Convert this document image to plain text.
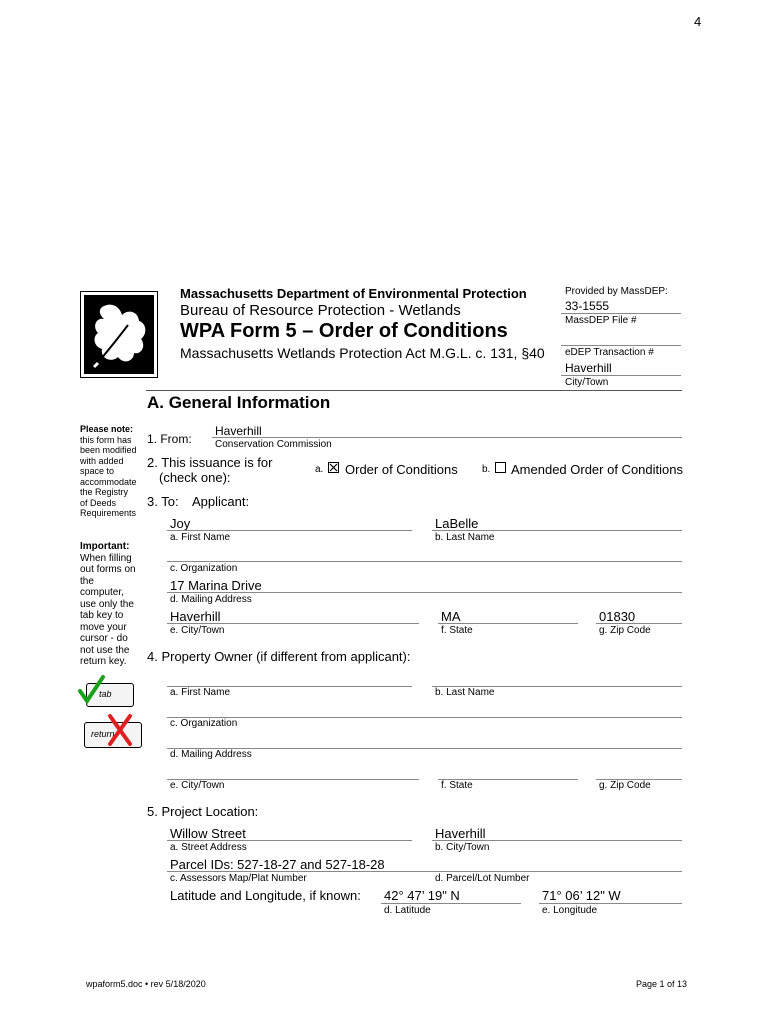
4
Massachusetts Department of Environmental Protection
Bureau of Resource Protection - Wetlands
WPA Form 5 – Order of Conditions
Massachusetts Wetlands Protection Act M.G.L. c. 131, §40
Provided by MassDEP:
33-1555
MassDEP File #
eDEP Transaction #
Haverhill
City/Town
A. General Information
Please note:
this form has
been modified
with added
space to
accommodate
the Registry
of Deeds
Requirements
Important:
When filling
out forms on
the
computer,
use only the
tab key to
move your
cursor - do
not use the
return key.
tab
return
1. From:
Haverhill
Conservation Commission
2. This issuance is for
(check one):
a. Order of Conditions b. Amended Order of Conditions
3. To: Applicant:
Joy
a. First Name
LaBelle
b. Last Name
c. Organization
17 Marina Drive
d. Mailing Address
Haverhill
e. City/Town
MA
f. State
01830
g. Zip Code
4. Property Owner (if different from applicant):
a. First Name	b. Last Name
c. Organization
d. Mailing Address
e. City/Town	f. State	g. Zip Code
5. Project Location:
Willow Street
a. Street Address
Haverhill
b. City/Town
Parcel IDs: 527-18-27 and 527-18-28
c. Assessors Map/Plat Number	d. Parcel/Lot Number
Latitude and Longitude, if known: 42° 47’ 19" N
d. Latitude
71° 06’ 12" W
e. Longitude
wpaform5.doc • rev 5/18/2020	Page 1 of 13
